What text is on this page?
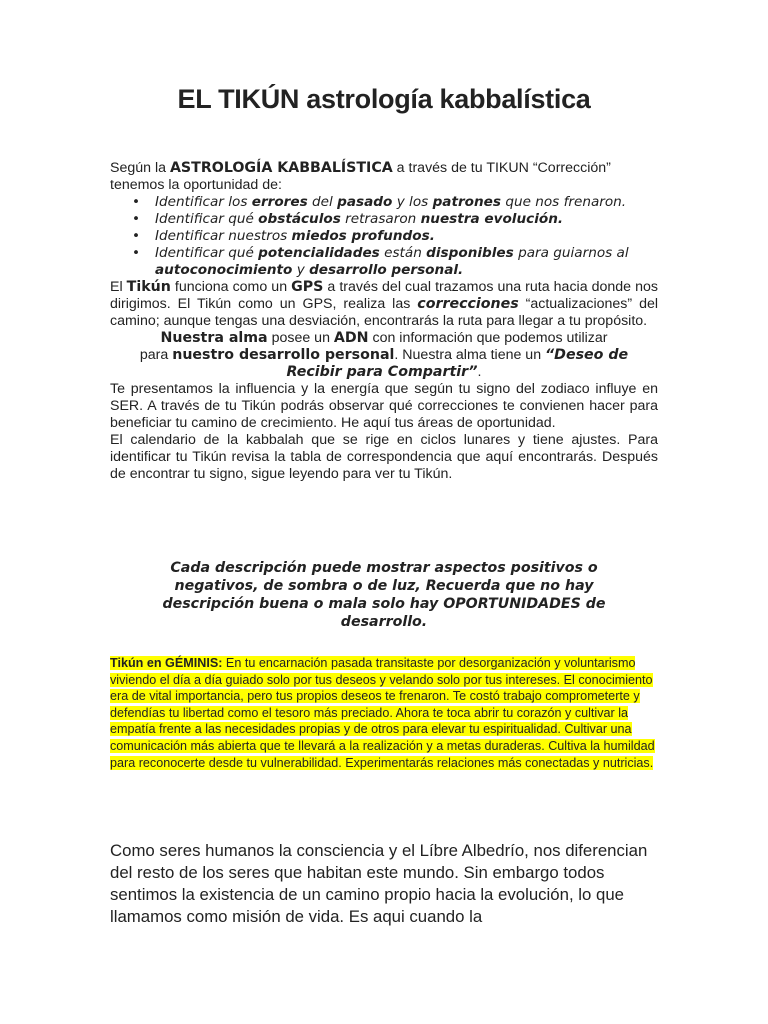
EL TIKÚN astrología kabbalística

Según la ASTROLOGÍA KABBALÍSTICA a través de tu TIKUN “Corrección”
tenemos la oportunidad de:

• Identificar los errores del pasado y los patrones que nos frenaron.
• Identificar qué obstáculos retrasaron nuestra evolución.
• Identificar nuestros miedos profundos.
• Identificar qué potencialidades están disponibles para guiarnos al autoconocimiento y desarrollo personal.

El Tikún funciona como un GPS a través del cual trazamos una ruta hacia donde nos dirigimos. El Tikún como un GPS, realiza las correcciones “actualizaciones” del camino; aunque tengas una desviación, encontrarás la ruta para llegar a tu propósito.

Nuestra alma posee un ADN con información que podemos utilizar
para nuestro desarrollo personal. Nuestra alma tiene un “Deseo de Recibir para Compartir”.

Te presentamos la influencia y la energía que según tu signo del zodiaco influye en SER. A través de tu Tikún podrás observar qué correcciones te convienen hacer para beneficiar tu camino de crecimiento. He aquí tus áreas de oportunidad.

El calendario de la kabbalah que se rige en ciclos lunares y tiene ajustes. Para identificar tu Tikún revisa la tabla de correspondencia que aquí encontrarás. Después de encontrar tu signo, sigue leyendo para ver tu Tikún.

Cada descripción puede mostrar aspectos positivos o negativos, de sombra o de luz, Recuerda que no hay descripción buena o mala solo hay OPORTUNIDADES de desarrollo.

Tikún en GÉMINIS: En tu encarnación pasada transitaste por desorganización y voluntarismo viviendo el día a día guiado solo por tus deseos y velando solo por tus intereses. El conocimiento era de vital importancia, pero tus propios deseos te frenaron. Te costó trabajo comprometerte y defendías tu libertad como el tesoro más preciado. Ahora te toca abrir tu corazón y cultivar la empatía frente a las necesidades propias y de otros para elevar tu espiritualidad. Cultivar una comunicación más abierta que te llevará a la realización y a metas duraderas. Cultiva la humildad para reconocerte desde tu vulnerabilidad. Experimentarás relaciones más conectadas y nutricias.

Como seres humanos la consciencia y el Líbre Albedrío, nos diferencian del resto de los seres que habitan este mundo. Sin embargo todos sentimos la existencia de un camino propio hacia la evolución, lo que llamamos como misión de vida. Es aqui cuando la
